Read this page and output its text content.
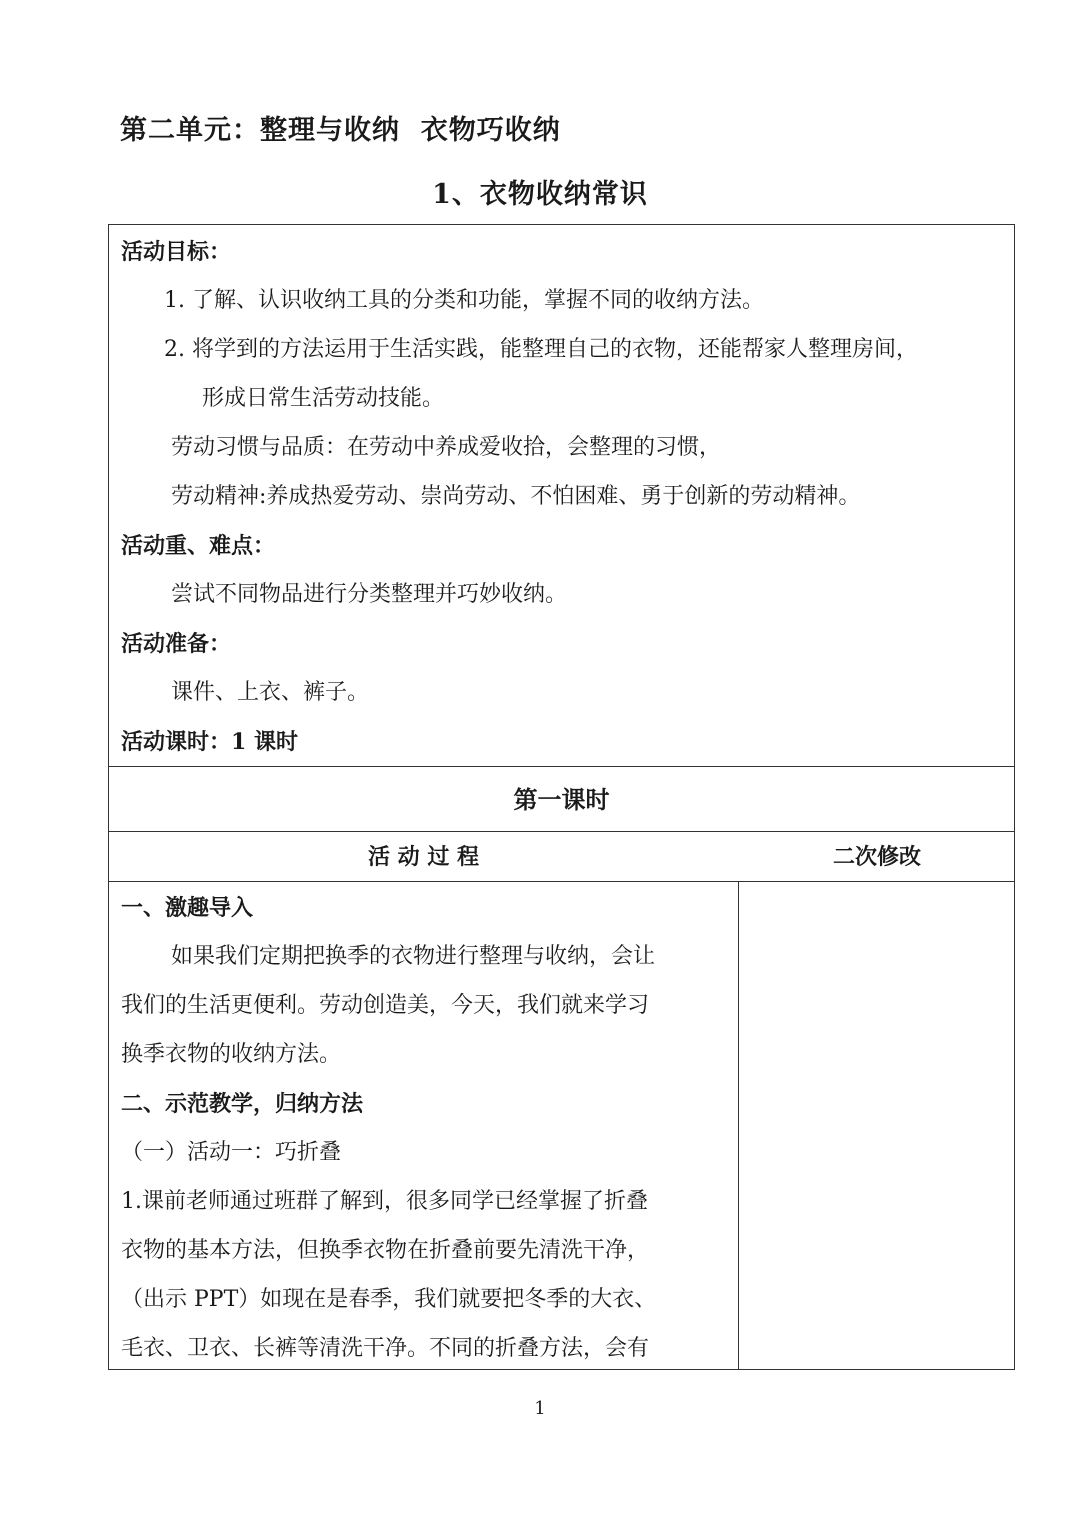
第二单元：整理与收纳  衣物巧收纳
1、衣物收纳常识
活动目标：
1. 了解、认识收纳工具的分类和功能，掌握不同的收纳方法。
2. 将学到的方法运用于生活实践，能整理自己的衣物，还能帮家人整理房间，
形成日常生活劳动技能。
劳动习惯与品质：在劳动中养成爱收拾，会整理的习惯，
劳动精神:养成热爱劳动、崇尚劳动、不怕困难、勇于创新的劳动精神。
活动重、难点：
尝试不同物品进行分类整理并巧妙收纳。
活动准备：
课件、上衣、裤子。
活动课时：1 课时
第一课时
活 动 过 程	二次修改
一、激趣导入
如果我们定期把换季的衣物进行整理与收纳，会让
我们的生活更便利。劳动创造美，今天，我们就来学习
换季衣物的收纳方法。
二、示范教学，归纳方法
（一）活动一：巧折叠
1.课前老师通过班群了解到，很多同学已经掌握了折叠
衣物的基本方法，但换季衣物在折叠前要先清洗干净，
（出示 PPT）如现在是春季，我们就要把冬季的大衣、
毛衣、卫衣、长裤等清洗干净。不同的折叠方法，会有
1
